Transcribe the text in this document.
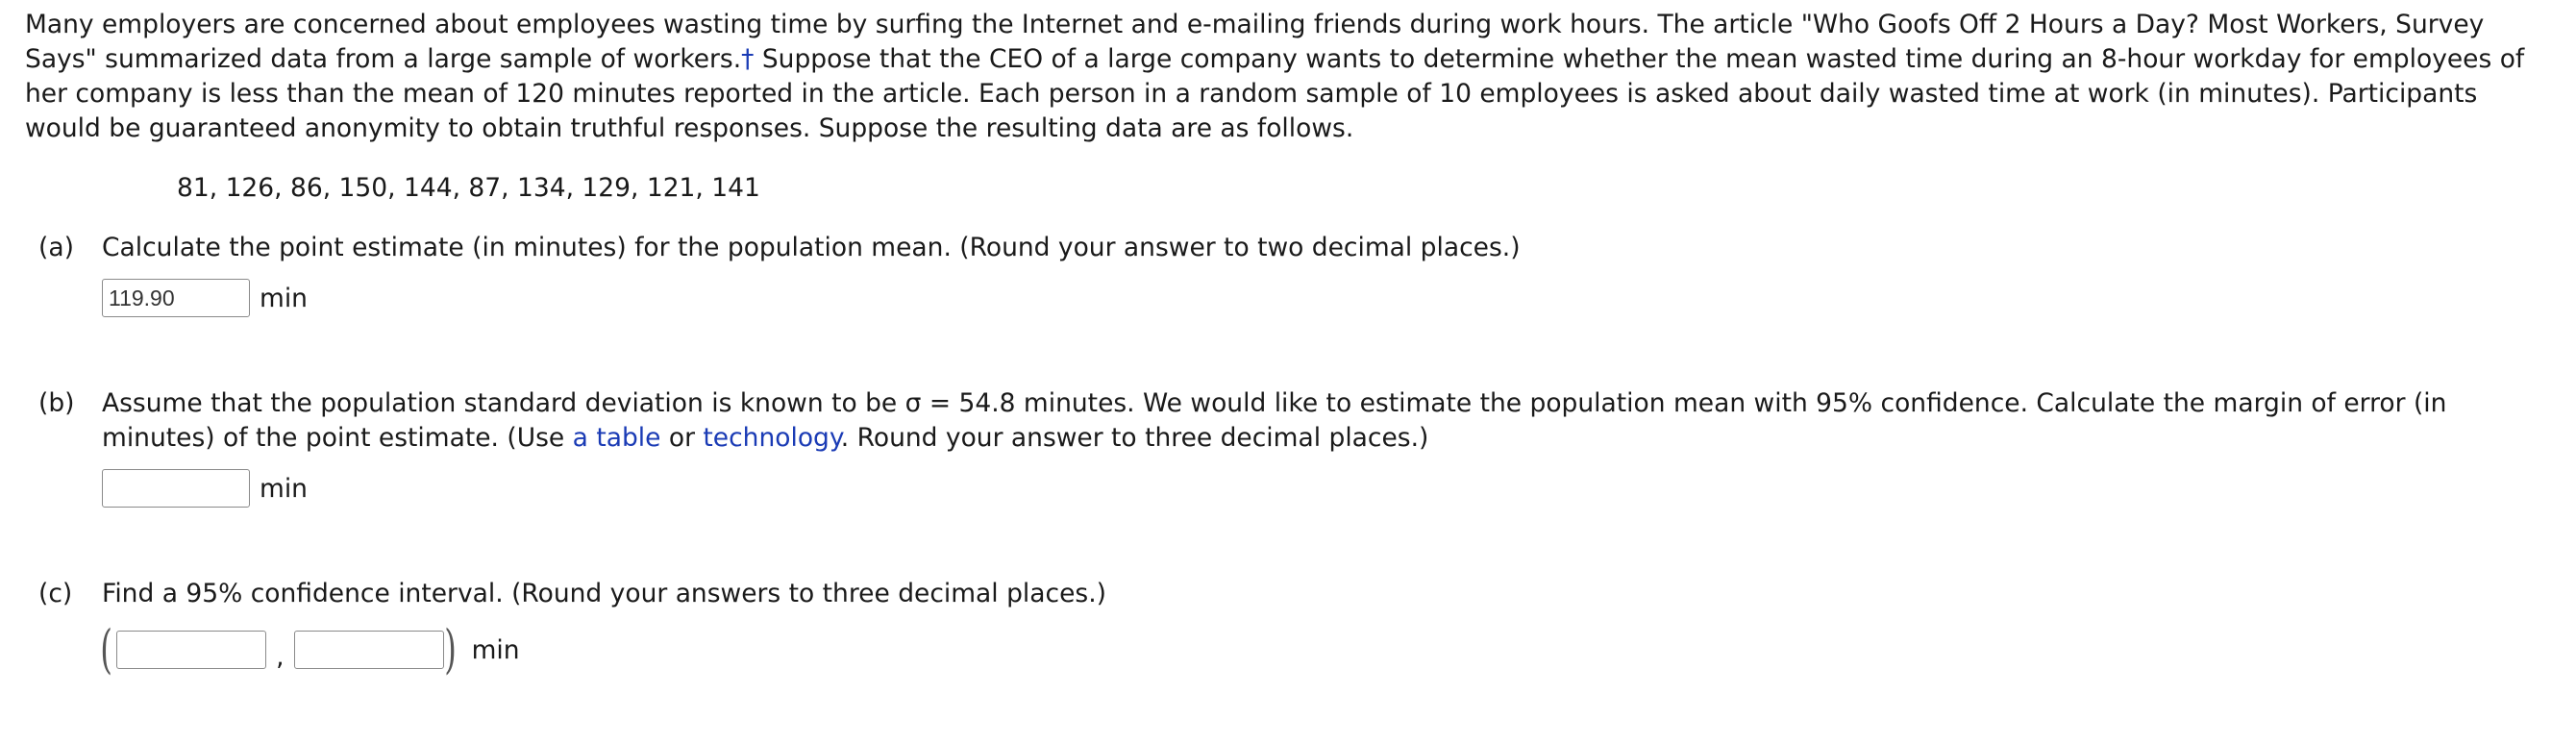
Many employers are concerned about employees wasting time by surfing the Internet and e-mailing friends during work hours. The article "Who Goofs Off 2 Hours a Day? Most Workers, Survey Says" summarized data from a large sample of workers.† Suppose that the CEO of a large company wants to determine whether the mean wasted time during an 8-hour workday for employees of her company is less than the mean of 120 minutes reported in the article. Each person in a random sample of 10 employees is asked about daily wasted time at work (in minutes). Participants would be guaranteed anonymity to obtain truthful responses. Suppose the resulting data are as follows.

81, 126, 86, 150, 144, 87, 134, 129, 121, 141
(a) Calculate the point estimate (in minutes) for the population mean. (Round your answer to two decimal places.)

119.90
min
(b) Assume that the population standard deviation is known to be σ = 54.8 minutes. We would like to estimate the population mean with 95% confidence. Calculate the margin of error (in minutes) of the point estimate. (Use a table or technology. Round your answer to three decimal places.)

min
(c) Find a 95% confidence interval. (Round your answers to three decimal places.)

(	,	) min
